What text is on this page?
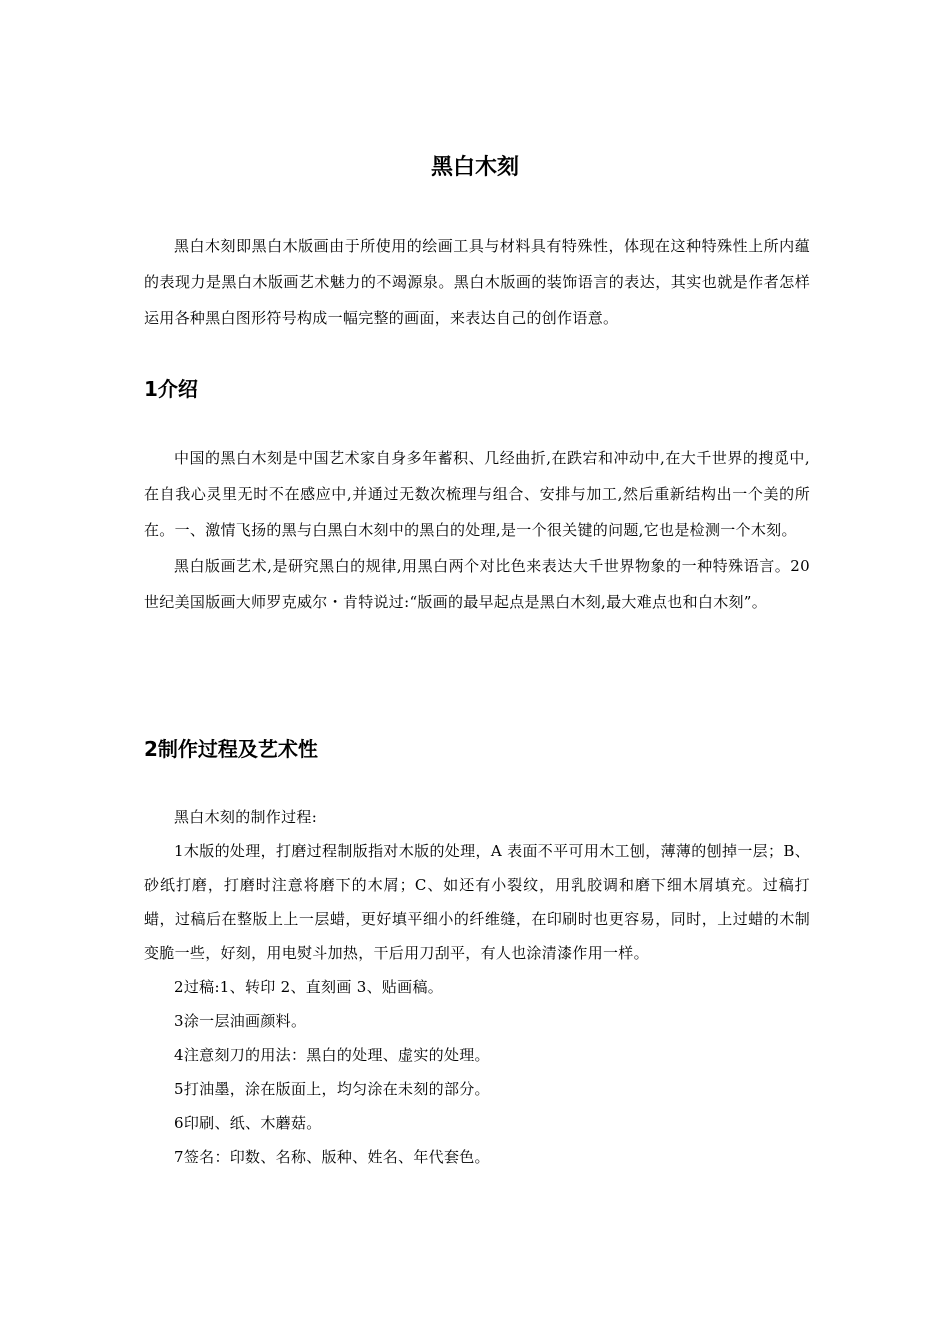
黑白木刻

黑白木刻即黑白木版画由于所使用的绘画工具与材料具有特殊性，体现在这种特殊性上所内蕴的表现力是黑白木版画艺术魅力的不竭源泉。黑白木版画的装饰语言的表达，其实也就是作者怎样运用各种黑白图形符号构成一幅完整的画面，来表达自己的创作语意。

1介绍

中国的黑白木刻是中国艺术家自身多年蓄积、几经曲折,在跌宕和冲动中,在大千世界的搜觅中,在自我心灵里无时不在感应中,并通过无数次梳理与组合、安排与加工,然后重新结构出一个美的所在。一、激情飞扬的黑与白黑白木刻中的黑白的处理,是一个很关键的问题,它也是检测一个木刻。

黑白版画艺术,是研究黑白的规律,用黑白两个对比色来表达大千世界物象的一种特殊语言。20世纪美国版画大师罗克威尔・肯特说过:“版画的最早起点是黑白木刻,最大难点也和白木刻”。

2制作过程及艺术性

黑白木刻的制作过程:

1木版的处理，打磨过程制版指对木版的处理，A 表面不平可用木工刨，薄薄的刨掉一层；B、砂纸打磨，打磨时注意将磨下的木屑；C、如还有小裂纹，用乳胶调和磨下细木屑填充。过稿打蜡，过稿后在整版上上一层蜡，更好填平细小的纤维缝，在印刷时也更容易，同时，上过蜡的木制变脆一些，好刻，用电熨斗加热，干后用刀刮平，有人也涂清漆作用一样。

2过稿:1、转印 2、直刻画 3、贴画稿。

3涂一层油画颜料。

4注意刻刀的用法：黑白的处理、虚实的处理。

5打油墨，涂在版面上，均匀涂在未刻的部分。

6印刷、纸、木蘑菇。

7签名：印数、名称、版种、姓名、年代套色。
